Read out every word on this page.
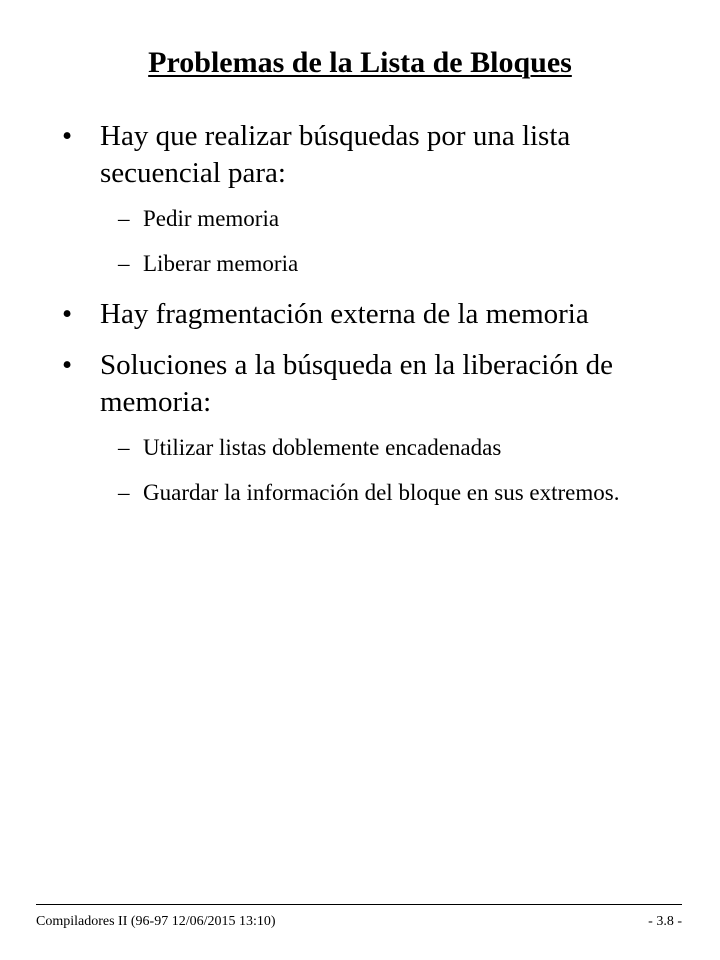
Problemas de la Lista de Bloques
• Hay que realizar búsquedas por una lista secuencial para:
– Pedir memoria
– Liberar memoria
• Hay fragmentación externa de la memoria
• Soluciones a la búsqueda en la liberación de memoria:
– Utilizar listas doblemente encadenadas
– Guardar la información del bloque en sus extremos.
Compiladores II (96-97 12/06/2015 13:10)	- 3.8 -
